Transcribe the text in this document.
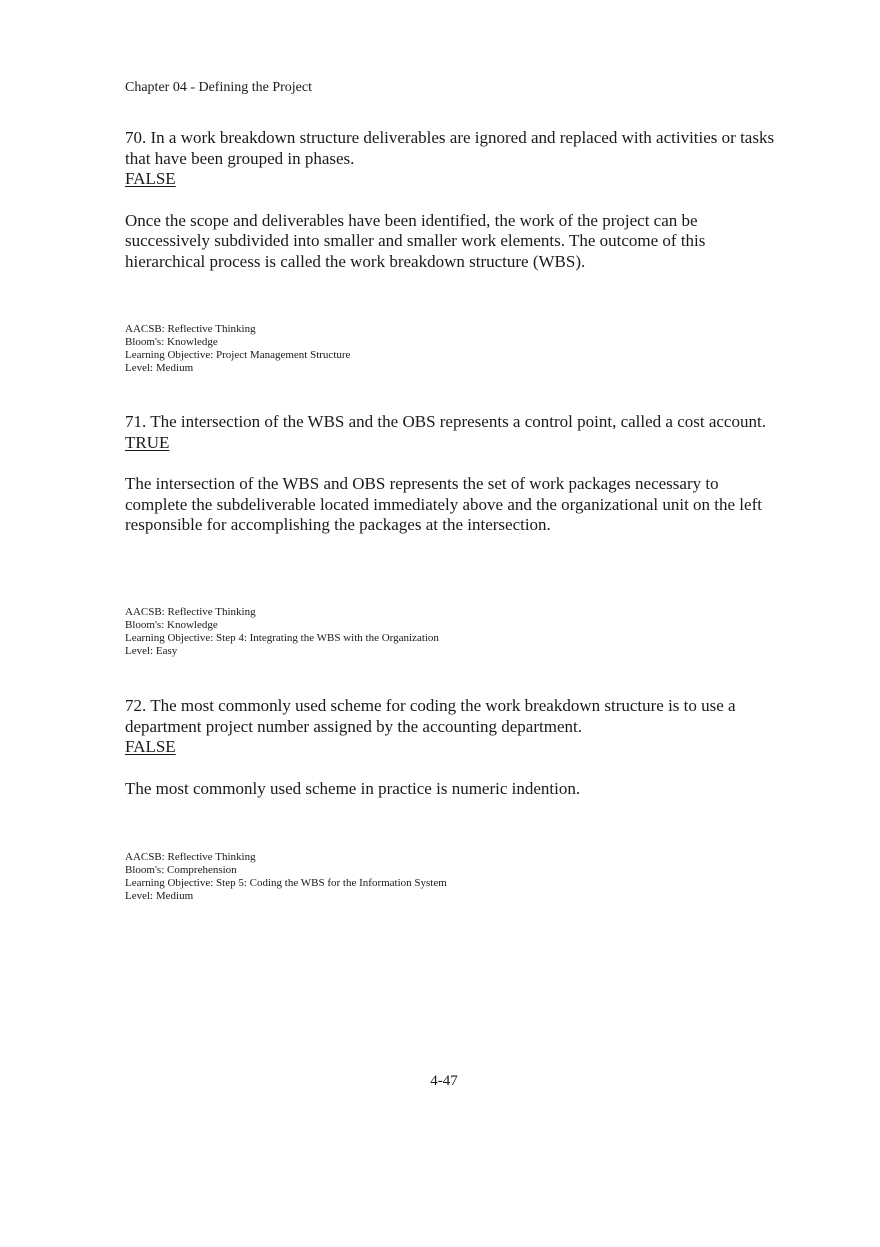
Chapter 04 - Defining the Project

70. In a work breakdown structure deliverables are ignored and replaced with activities or tasks that have been grouped in phases.

FALSE

Once the scope and deliverables have been identified, the work of the project can be successively subdivided into smaller and smaller work elements. The outcome of this hierarchical process is called the work breakdown structure (WBS).

AACSB: Reflective Thinking
Bloom's: Knowledge
Learning Objective: Project Management Structure
Level: Medium

71. The intersection of the WBS and the OBS represents a control point, called a cost account.

TRUE

The intersection of the WBS and OBS represents the set of work packages necessary to complete the subdeliverable located immediately above and the organizational unit on the left responsible for accomplishing the packages at the intersection.

AACSB: Reflective Thinking
Bloom's: Knowledge
Learning Objective: Step 4: Integrating the WBS with the Organization
Level: Easy

72. The most commonly used scheme for coding the work breakdown structure is to use a department project number assigned by the accounting department.

FALSE

The most commonly used scheme in practice is numeric indention.

AACSB: Reflective Thinking
Bloom's: Comprehension
Learning Objective: Step 5: Coding the WBS for the Information System
Level: Medium
4-47
